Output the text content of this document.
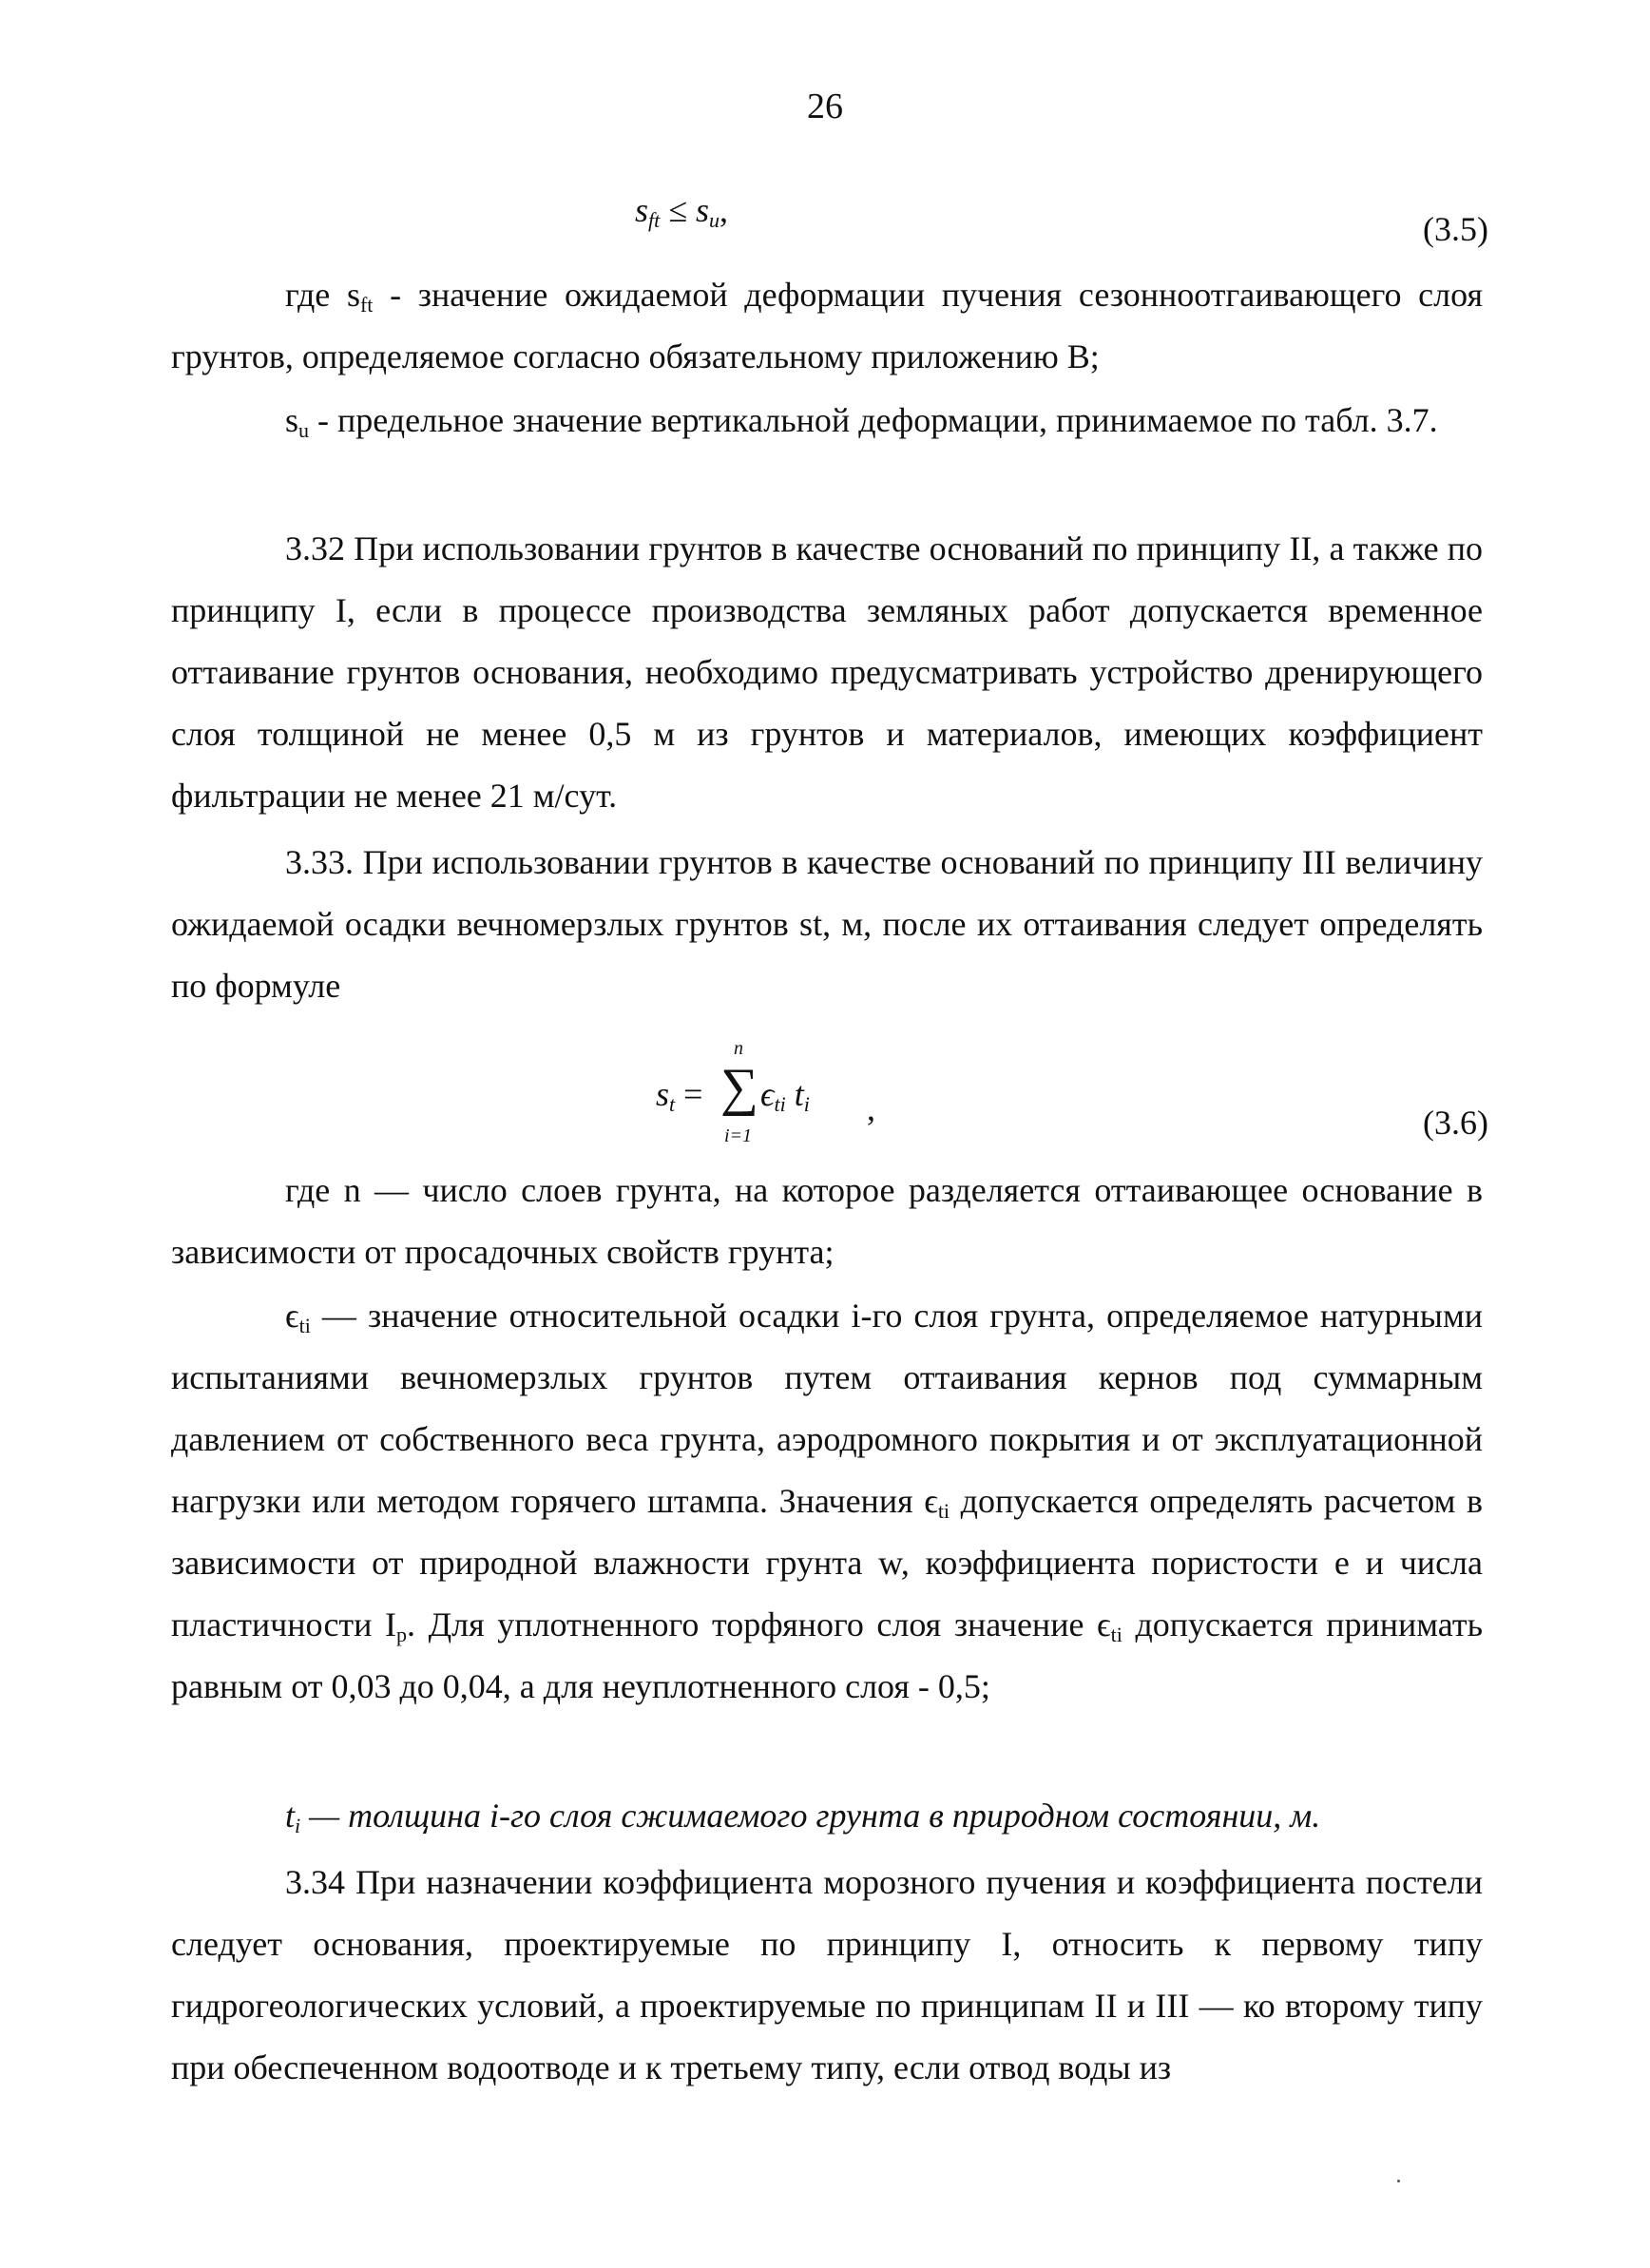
26
$s_{ft} \le s_u$,	(3.5)
где $s_{ft}$ - значение ожидаемой деформации пучения сезонноотгаивающего слоя грунтов, определяемое согласно обязательному приложению В;
$s_u$ - предельное значение вертикальной деформации, принимаемое по табл. 3.7.
3.32 При использовании грунтов в качестве оснований по принципу II, а также по принципу I, если в процессе производства земляных работ допускается временное оттаивание грунтов основания, необходимо предусматривать устройство дренирующего слоя толщиной не менее 0,5 м из грунтов и материалов, имеющих коэффициент фильтрации не менее 21 м/сут.
3.33. При использовании грунтов в качестве оснований по принципу III величину ожидаемой осадки вечномерзлых грунтов st, м, после их оттаивания следует определять по формуле
$s_t$ = ∑
n
i=1
$\epsilon_{ti}$ $t_i$ ,	(3.6)
где n — число слоев грунта, на которое разделяется оттаивающее основание в зависимости от просадочных свойств грунта;
$\epsilon_{ti}$ — значение относительной осадки i-го слоя грунта, определяемое натурными испытаниями вечномерзлых грунтов путем оттаивания кернов под суммарным давлением от собственного веса грунта, аэродромного покрытия и от эксплуатационной нагрузки или методом горячего штампа. Значения $\epsilon_{ti}$ допускается определять расчетом в зависимости от природной влажности грунта w, коэффициента пористости е и числа пластичности $I_p$. Для уплотненного торфяного слоя значение $\epsilon_{ti}$ допускается принимать равным от 0,03 до 0,04, а для неуплотненного слоя - 0,5;
$t_i$ — толщина i-го слоя сжимаемого грунта в природном состоянии, м.
3.34 При назначении коэффициента морозного пучения и коэффициента постели следует основания, проектируемые по принципу I, относить к первому типу гидрогеологических условий, а проектируемые по принципам II и III — ко второму типу при обеспеченном водоотводе и к третьему типу, если отвод воды из
